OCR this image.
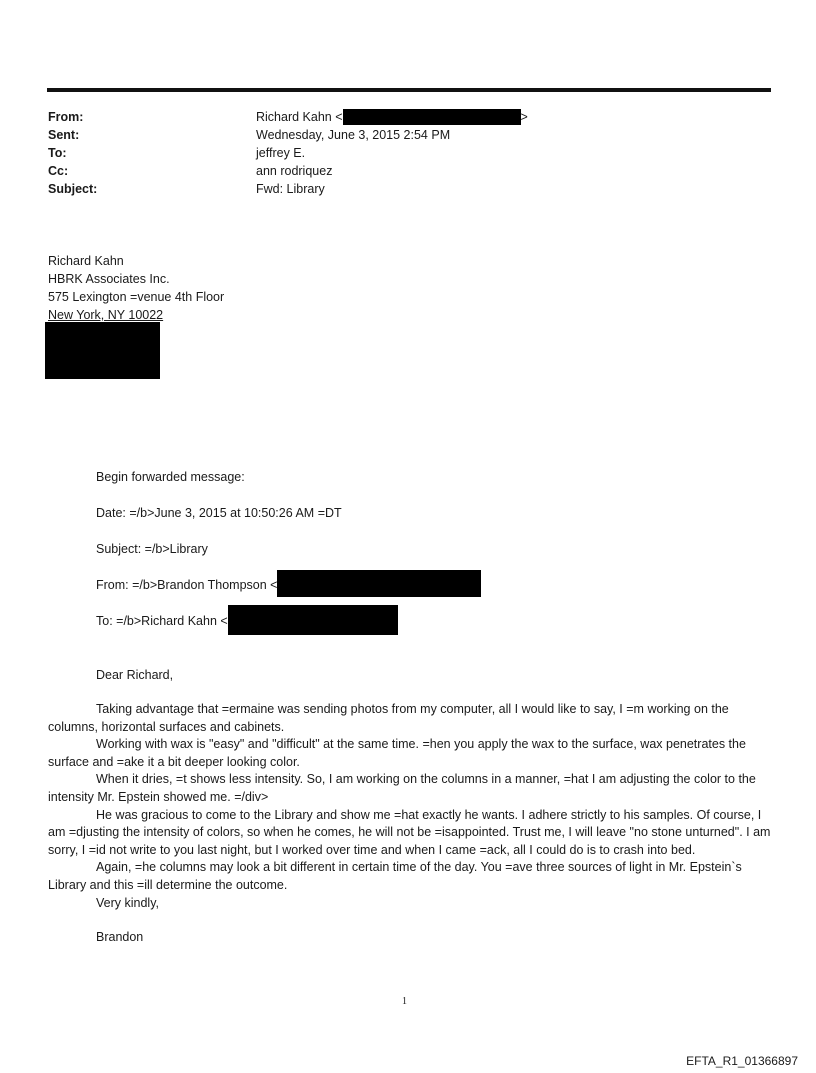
From:	Richard Kahn <	>
Sent:	Wednesday, June 3, 2015 2:54 PM
To:	jeffrey E.
Cc:	ann rodriquez
Subject:	Fwd: Library
Richard Kahn
HBRK Associates Inc.
575 Lexington =venue 4th Floor
New York, NY 10022
Begin forwarded message:
Date: =/b>June 3, 2015 at 10:50:26 AM =DT
Subject: =/b>Library
From: =/b>Brandon Thompson <
To: =/b>Richard Kahn <
Dear Richard,

Taking advantage that =ermaine was sending photos from my computer, all I would like to say, I =m working on the columns, horizontal surfaces and cabinets.

Working with wax is "easy" and "difficult" at the same time. =hen you apply the wax to the surface, wax penetrates the surface and =ake it a bit deeper looking color.

When it dries, =t shows less intensity. So, I am working on the columns in a manner, =hat I am adjusting the color to the intensity Mr. Epstein showed me. =/div>

He was gracious to come to the Library and show me =hat exactly he wants. I adhere strictly to his samples. Of course, I am =djusting the intensity of colors, so when he comes, he will not be =isappointed. Trust me, I will leave "no stone unturned". I am sorry, I =id not write to you last night, but I worked over time and when I came =ack, all I could do is to crash into bed.

Again, =he columns may look a bit different in certain time of the day. You =ave three sources of light in Mr. Epstein`s Library and this =ill determine the outcome.

Very kindly,
Brandon
1
EFTA_R1_01366897
